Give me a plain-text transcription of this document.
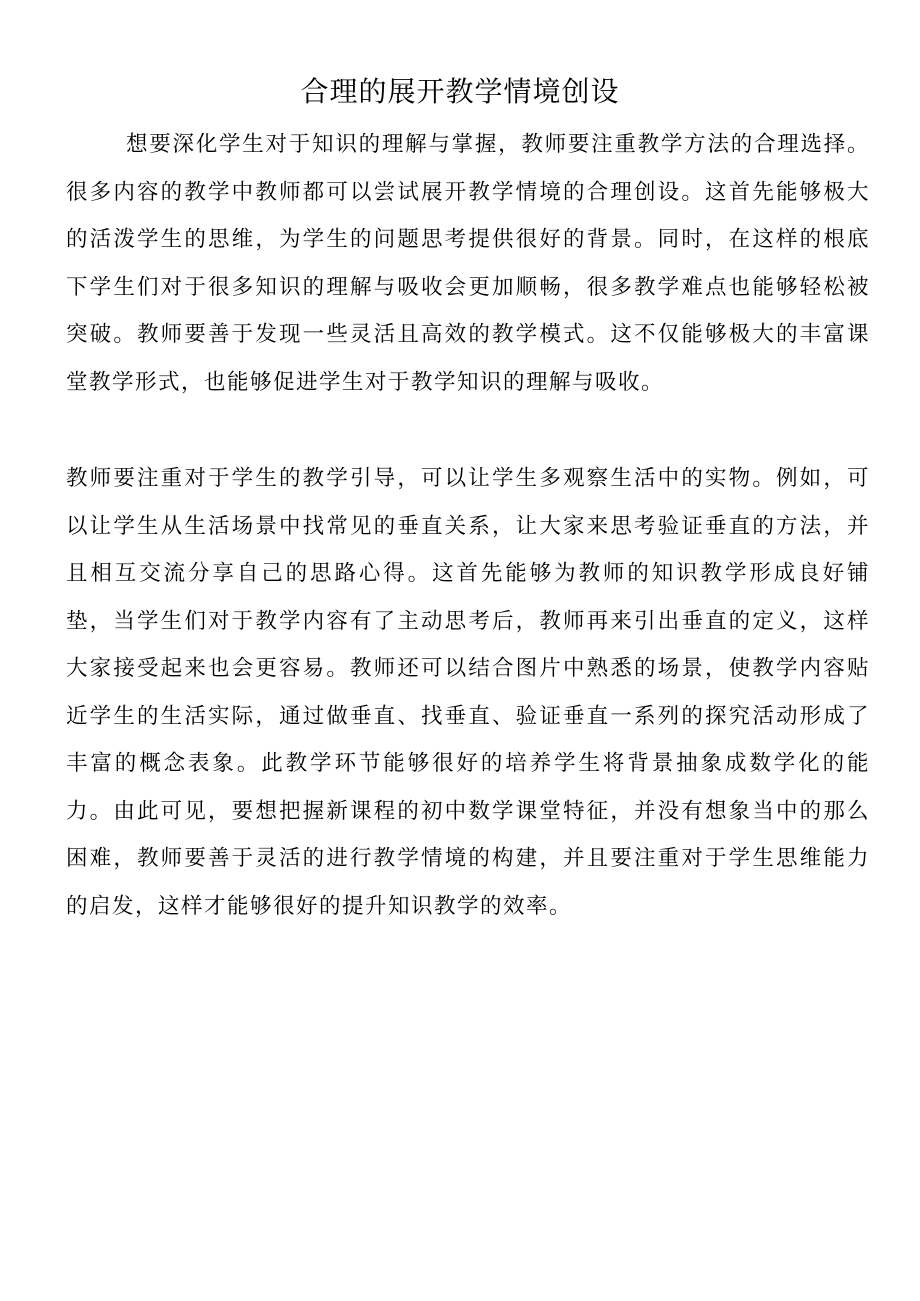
合理的展开教学情境创设

想要深化学生对于知识的理解与掌握，教师要注重教学方法的合理选择。很多内容的教学中教师都可以尝试展开教学情境的合理创设。这首先能够极大的活泼学生的思维，为学生的问题思考提供很好的背景。同时，在这样的根底下学生们对于很多知识的理解与吸收会更加顺畅，很多教学难点也能够轻松被突破。教师要善于发现一些灵活且高效的教学模式。这不仅能够极大的丰富课堂教学形式，也能够促进学生对于教学知识的理解与吸收。

教师要注重对于学生的教学引导，可以让学生多观察生活中的实物。例如，可以让学生从生活场景中找常见的垂直关系，让大家来思考验证垂直的方法，并且相互交流分享自己的思路心得。这首先能够为教师的知识教学形成良好铺垫，当学生们对于教学内容有了主动思考后，教师再来引出垂直的定义，这样大家接受起来也会更容易。教师还可以结合图片中熟悉的场景，使教学内容贴近学生的生活实际，通过做垂直、找垂直、验证垂直一系列的探究活动形成了丰富的概念表象。此教学环节能够很好的培养学生将背景抽象成数学化的能力。由此可见，要想把握新课程的初中数学课堂特征，并没有想象当中的那么困难，教师要善于灵活的进行教学情境的构建，并且要注重对于学生思维能力的启发，这样才能够很好的提升知识教学的效率。
